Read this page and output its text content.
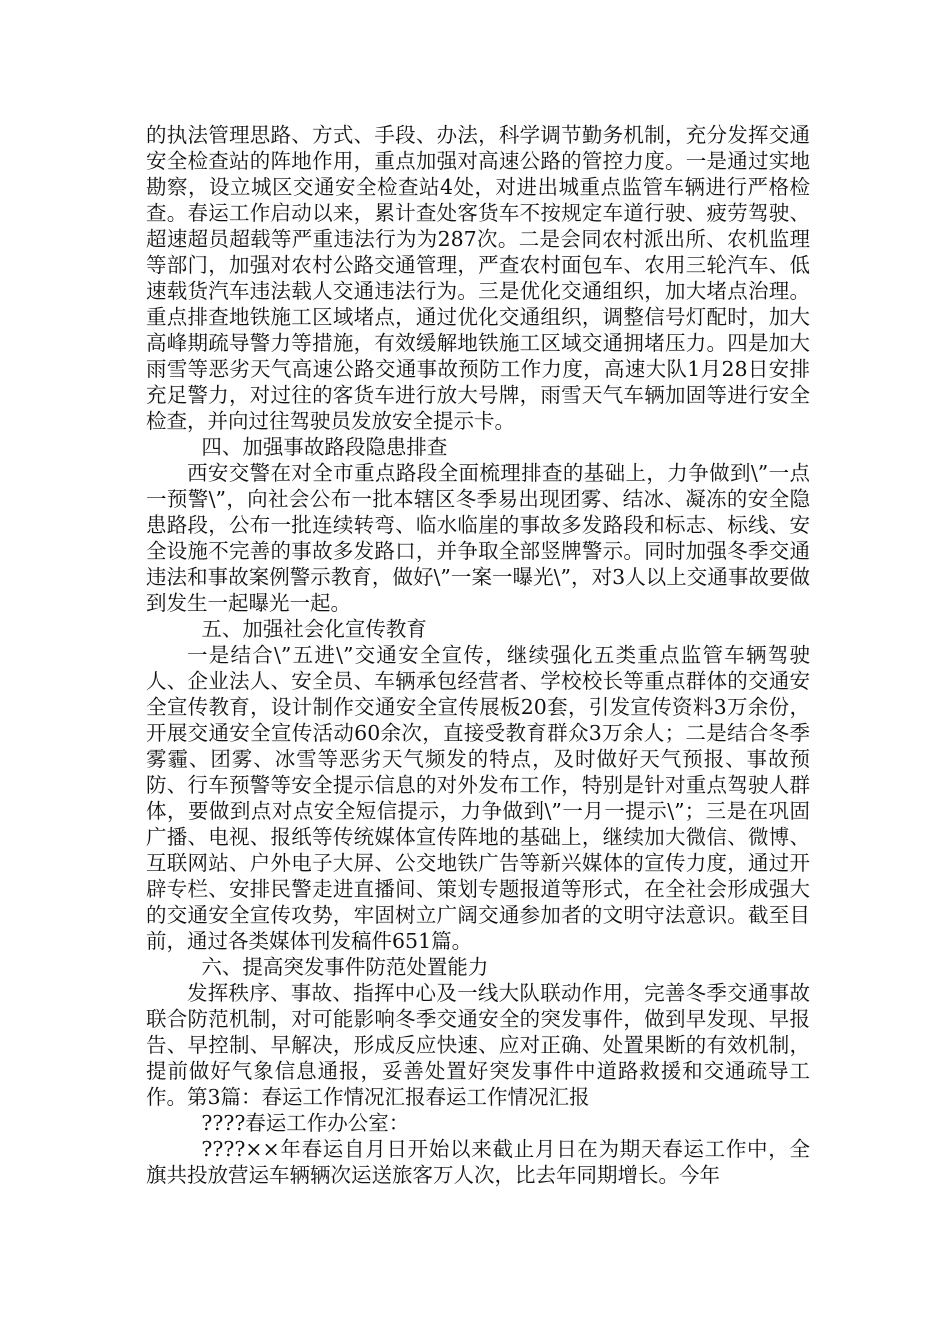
的执法管理思路、方式、手段、办法，科学调节勤务机制，充分发挥交通安全检查站的阵地作用，重点加强对高速公路的管控力度。一是通过实地勘察，设立城区交通安全检查站4处，对进出城重点监管车辆进行严格检查。春运工作启动以来，累计查处客货车不按规定车道行驶、疲劳驾驶、超速超员超载等严重违法行为为287次。二是会同农村派出所、农机监理等部门，加强对农村公路交通管理，严查农村面包车、农用三轮汽车、低速载货汽车违法载人交通违法行为。三是优化交通组织，加大堵点治理。重点排查地铁施工区域堵点，通过优化交通组织，调整信号灯配时，加大高峰期疏导警力等措施，有效缓解地铁施工区域交通拥堵压力。四是加大雨雪等恶劣天气高速公路交通事故预防工作力度，高速大队1月28日安排充足警力，对过往的客货车进行放大号牌，雨雪天气车辆加固等进行安全检查，并向过往驾驶员发放安全提示卡。

四、加强事故路段隐患排查

西安交警在对全市重点路段全面梳理排查的基础上，力争做到\”一点一预警\”，向社会公布一批本辖区冬季易出现团雾、结冰、凝冻的安全隐患路段，公布一批连续转弯、临水临崖的事故多发路段和标志、标线、安全设施不完善的事故多发路口，并争取全部竖牌警示。同时加强冬季交通违法和事故案例警示教育，做好\”一案一曝光\”，对3人以上交通事故要做到发生一起曝光一起。

五、加强社会化宣传教育

一是结合\”五进\”交通安全宣传，继续强化五类重点监管车辆驾驶人、企业法人、安全员、车辆承包经营者、学校校长等重点群体的交通安全宣传教育，设计制作交通安全宣传展板20套，引发宣传资料3万余份，开展交通安全宣传活动60余次，直接受教育群众3万余人；二是结合冬季雾霾、团雾、冰雪等恶劣天气频发的特点，及时做好天气预报、事故预防、行车预警等安全提示信息的对外发布工作，特别是针对重点驾驶人群体，要做到点对点安全短信提示，力争做到\”一月一提示\”；三是在巩固广播、电视、报纸等传统媒体宣传阵地的基础上，继续加大微信、微博、互联网站、户外电子大屏、公交地铁广告等新兴媒体的宣传力度，通过开辟专栏、安排民警走进直播间、策划专题报道等形式，在全社会形成强大的交通安全宣传攻势，牢固树立广阔交通参加者的文明守法意识。截至目前，通过各类媒体刊发稿件651篇。

六、提高突发事件防范处置能力

发挥秩序、事故、指挥中心及一线大队联动作用，完善冬季交通事故联合防范机制，对可能影响冬季交通安全的突发事件，做到早发现、早报告、早控制、早解决，形成反应快速、应对正确、处置果断的有效机制，提前做好气象信息通报，妥善处置好突发事件中道路救援和交通疏导工作。第3篇：春运工作情况汇报春运工作情况汇报

????春运工作办公室：

????××年春运自月日开始以来截止月日在为期天春运工作中，全旗共投放营运车辆辆次运送旅客万人次，比去年同期增长。今年
